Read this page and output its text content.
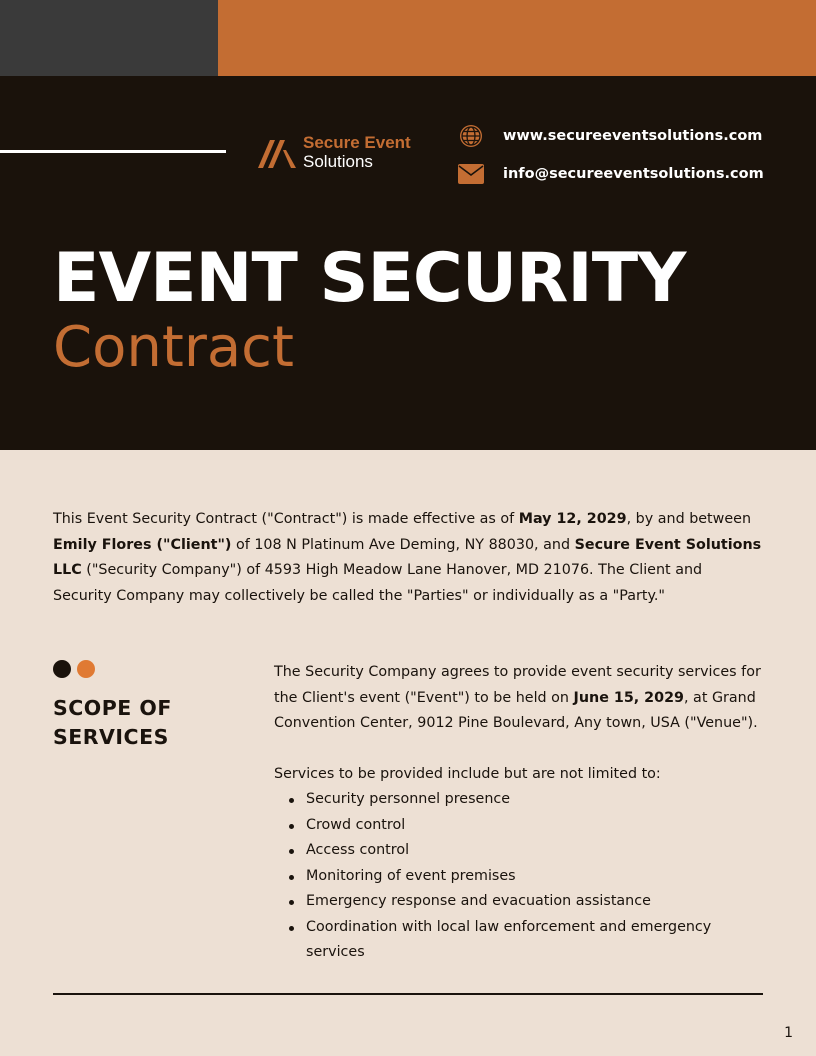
Secure Event
Solutions
www.secureeventsolutions.com
info@secureeventsolutions.com
EVENT SECURITY
Contract

This Event Security Contract ("Contract") is made effective as of May 12, 2029, by and between Emily Flores ("Client") of 108 N Platinum Ave Deming, NY 88030, and Secure Event Solutions LLC ("Security Company") of 4593 High Meadow Lane Hanover, MD 21076. The Client and Security Company may collectively be called the "Parties" or individually as a "Party."

SCOPE OF SERVICES

The Security Company agrees to provide event security services for the Client's event ("Event") to be held on June 15, 2029, at Grand Convention Center, 9012 Pine Boulevard, Any town, USA ("Venue").

Services to be provided include but are not limited to:

Security personnel presence
Crowd control
Access control
Monitoring of event premises
Emergency response and evacuation assistance
Coordination with local law enforcement and emergency services
1
